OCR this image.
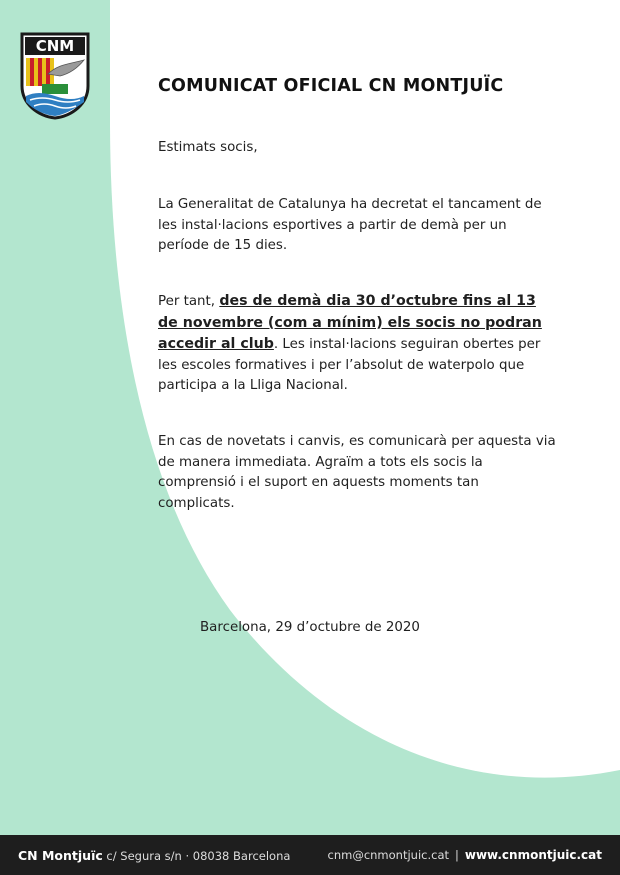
CNM
COMUNICAT OFICIAL CN MONTJUÏC
Estimats socis,
La Generalitat de Catalunya ha decretat el tancament de les instal·lacions esportives a partir de demà per un període de 15 dies.
Per tant, des de demà dia 30 d’octubre fins al 13 de novembre (com a mínim) els socis no podran accedir al club. Les instal·lacions seguiran obertes per les escoles formatives i per l’absolut de waterpolo que participa a la Lliga Nacional.
En cas de novetats i canvis, es comunicarà per aquesta via de manera immediata. Agraïm a tots els socis la comprensió i el suport en aquests moments tan complicats.
Barcelona, 29 d’octubre de 2020
CN Montjuïc c/ Segura s/n · 08038 Barcelona	cnm@cnmontjuic.cat | www.cnmontjuic.cat
